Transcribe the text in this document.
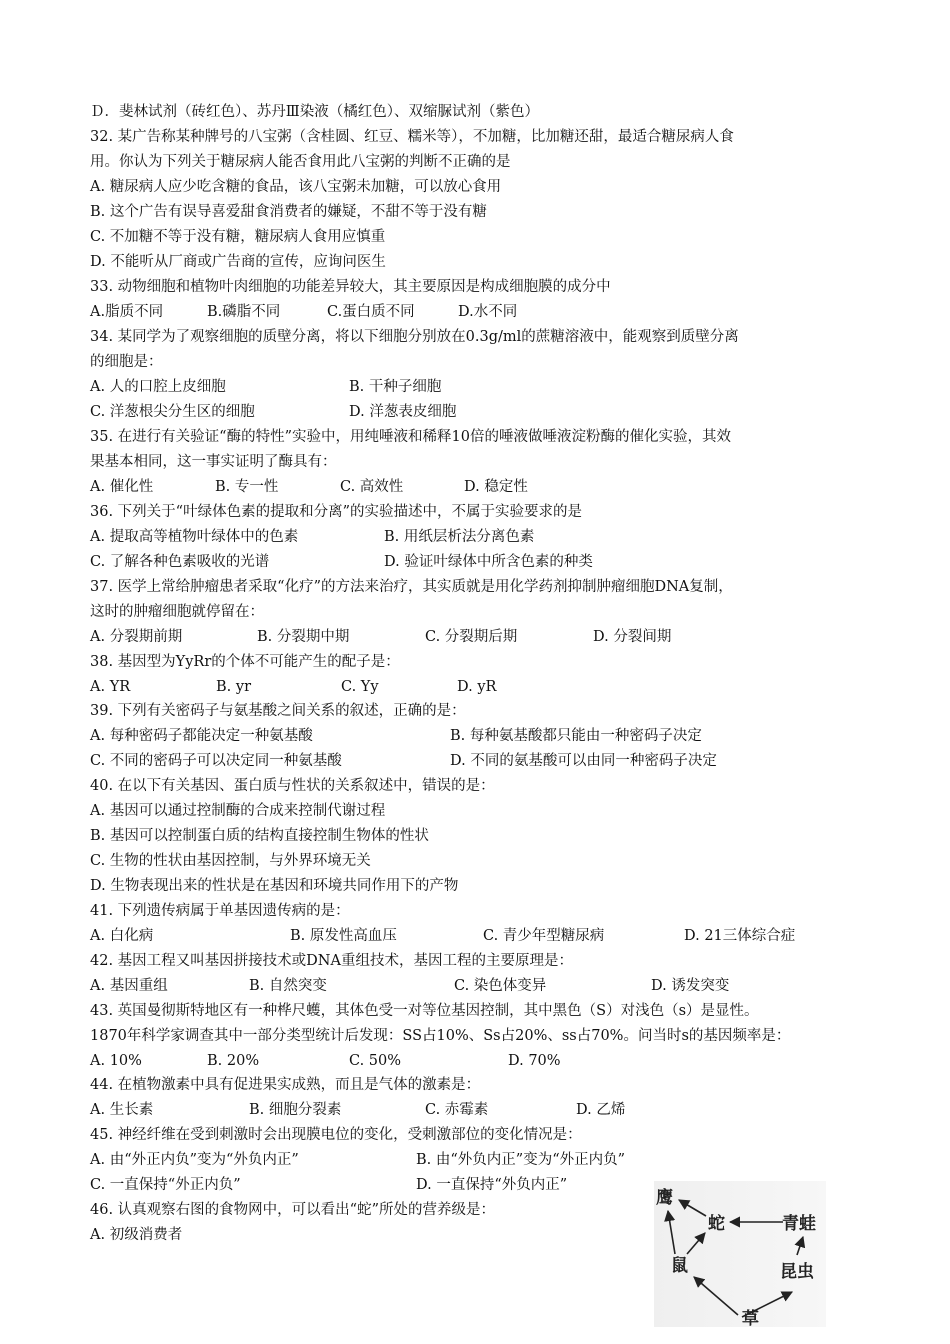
Ｄ．斐林试剂（砖红色）、苏丹Ⅲ染液（橘红色）、双缩脲试剂（紫色）
32. 某广告称某种牌号的八宝粥（含桂圆、红豆、糯米等），不加糖，比加糖还甜，最适合糖尿病人食
用。你认为下列关于糖尿病人能否食用此八宝粥的判断不正确的是
A. 糖尿病人应少吃含糖的食品，该八宝粥未加糖，可以放心食用
B. 这个广告有误导喜爱甜食消费者的嫌疑，不甜不等于没有糖
C. 不加糖不等于没有糖，糖尿病人食用应慎重
D. 不能听从厂商或广告商的宣传，应询问医生
33. 动物细胞和植物叶肉细胞的功能差异较大，其主要原因是构成细胞膜的成分中
A.脂质不同	B.磷脂不同	C.蛋白质不同	D.水不同
34. 某同学为了观察细胞的质壁分离，将以下细胞分别放在0.3g/ml的蔗糖溶液中，能观察到质壁分离
的细胞是：
A. 人的口腔上皮细胞	B. 干种子细胞
C. 洋葱根尖分生区的细胞	D. 洋葱表皮细胞
35. 在进行有关验证“酶的特性”实验中，用纯唾液和稀释10倍的唾液做唾液淀粉酶的催化实验，其效
果基本相同，这一事实证明了酶具有：
A. 催化性	B. 专一性	C. 高效性	D. 稳定性
36. 下列关于“叶绿体色素的提取和分离”的实验描述中，不属于实验要求的是
A. 提取高等植物叶绿体中的色素	B. 用纸层析法分离色素
C. 了解各种色素吸收的光谱	D. 验证叶绿体中所含色素的种类
37. 医学上常给肿瘤患者采取“化疗”的方法来治疗，其实质就是用化学药剂抑制肿瘤细胞DNA复制，
这时的肿瘤细胞就停留在：
A. 分裂期前期	B. 分裂期中期	C. 分裂期后期	D. 分裂间期
38. 基因型为YyRr的个体不可能产生的配子是：
A. YR	B. yr	C. Yy	D. yR
39. 下列有关密码子与氨基酸之间关系的叙述，正确的是：
A. 每种密码子都能决定一种氨基酸	B. 每种氨基酸都只能由一种密码子决定
C. 不同的密码子可以决定同一种氨基酸	D. 不同的氨基酸可以由同一种密码子决定
40. 在以下有关基因、蛋白质与性状的关系叙述中，错误的是：
A. 基因可以通过控制酶的合成来控制代谢过程
B. 基因可以控制蛋白质的结构直接控制生物体的性状
C. 生物的性状由基因控制，与外界环境无关
D. 生物表现出来的性状是在基因和环境共同作用下的产物
41. 下列遗传病属于单基因遗传病的是：
A. 白化病	B. 原发性高血压	C. 青少年型糖尿病	D. 21三体综合症
42. 基因工程又叫基因拼接技术或DNA重组技术，基因工程的主要原理是：
A. 基因重组	B. 自然突变	C. 染色体变异	D. 诱发突变
43. 英国曼彻斯特地区有一种桦尺蠖，其体色受一对等位基因控制，其中黑色（S）对浅色（s）是显性。
1870年科学家调查其中一部分类型统计后发现：SS占10%、Ss占20%、ss占70%。问当时s的基因频率是：
A. 10%	B. 20%	C. 50%	D. 70%
44. 在植物激素中具有促进果实成熟，而且是气体的激素是：
A. 生长素	B. 细胞分裂素	C. 赤霉素	D. 乙烯
45. 神经纤维在受到刺激时会出现膜电位的变化，受刺激部位的变化情况是：
A. 由“外正内负”变为“外负内正”	B. 由“外负内正”变为“外正内负”
C. 一直保持“外正内负”	D. 一直保持“外负内正”
46. 认真观察右图的食物网中，可以看出“蛇”所处的营养级是：
A. 初级消费者
鹰
蛇	青蛙
鼠	昆虫
草
